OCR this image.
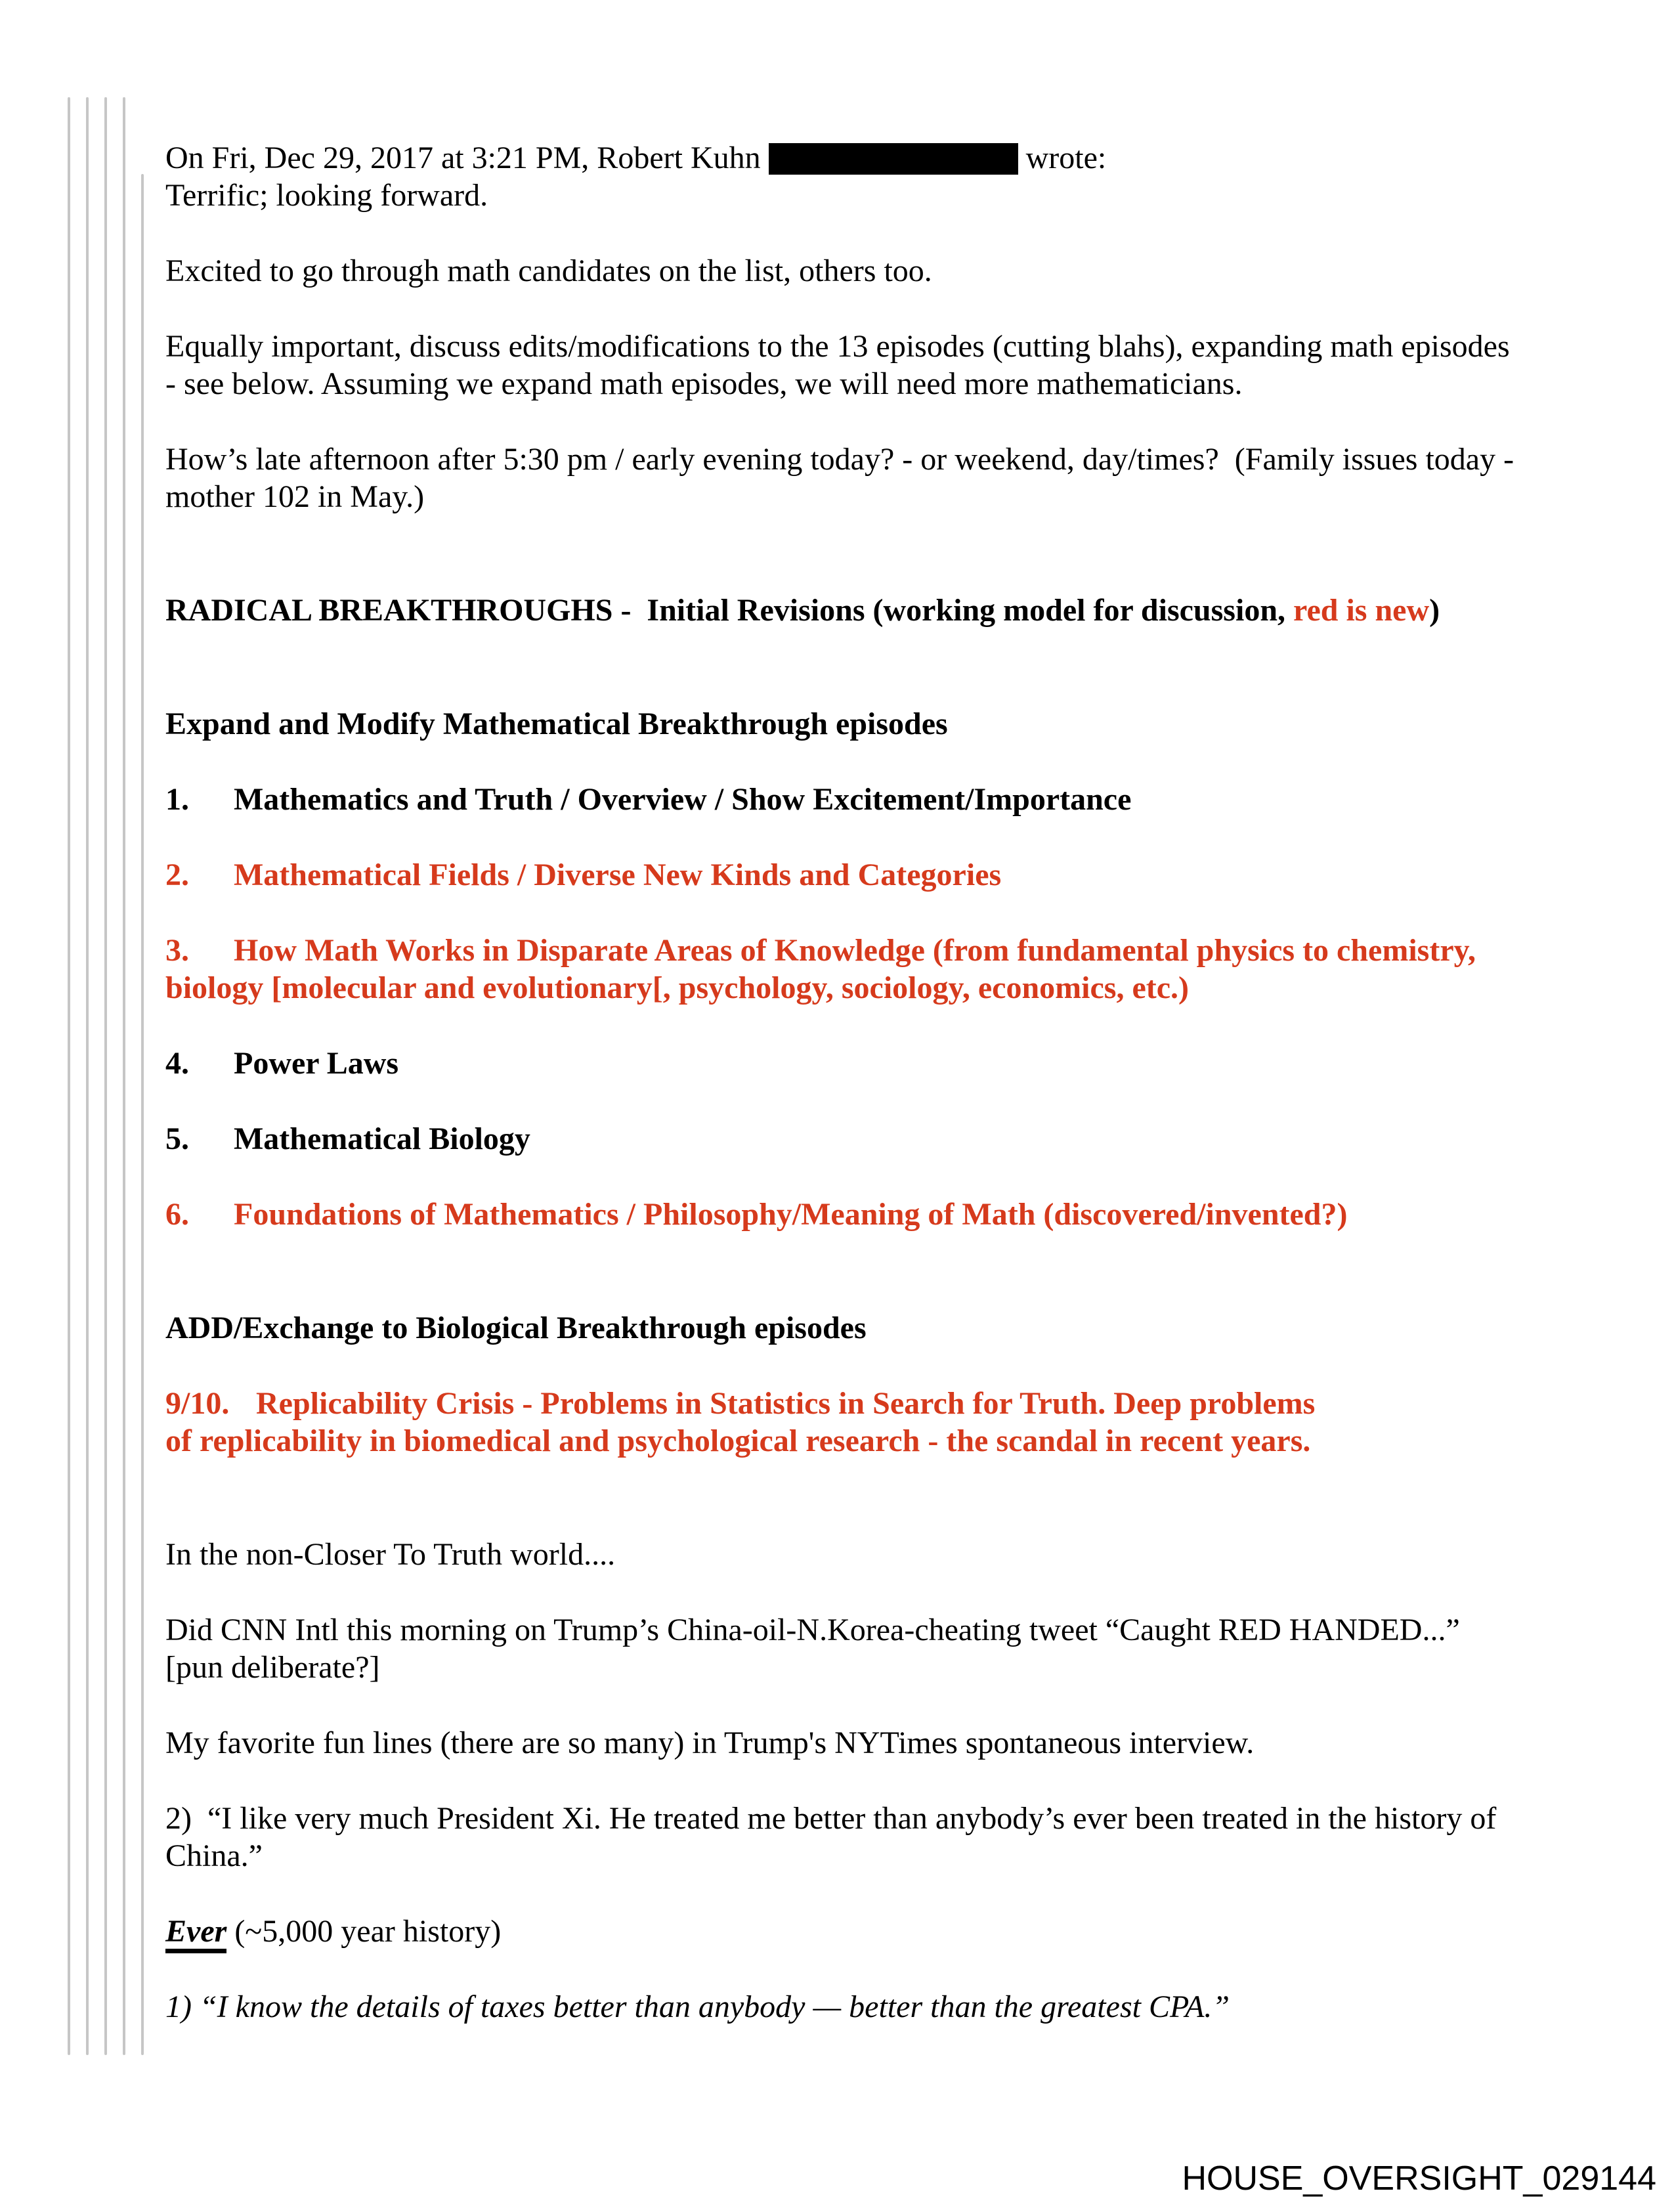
On Fri, Dec 29, 2017 at 3:21 PM, Robert Kuhn	wrote:

Terrific; looking forward.

Excited to go through math candidates on the list, others too.

Equally important, discuss edits/modifications to the 13 episodes (cutting blahs), expanding math episodes
- see below. Assuming we expand math episodes, we will need more mathematicians.

How’s late afternoon after 5:30 pm / early evening today? - or weekend, day/times?  (Family issues today -
mother 102 in May.)

RADICAL BREAKTHROUGHS -  Initial Revisions (working model for discussion, red is new)

Expand and Modify Mathematical Breakthrough episodes

1. Mathematics and Truth / Overview / Show Excitement/Importance

2. Mathematical Fields / Diverse New Kinds and Categories

3. How Math Works in Disparate Areas of Knowledge (from fundamental physics to chemistry,
biology [molecular and evolutionary[, psychology, sociology, economics, etc.)

4. Power Laws

5. Mathematical Biology

6. Foundations of Mathematics / Philosophy/Meaning of Math (discovered/invented?)

ADD/Exchange to Biological Breakthrough episodes

9/10. Replicability Crisis - Problems in Statistics in Search for Truth. Deep problems
of replicability in biomedical and psychological research - the scandal in recent years.

In the non-Closer To Truth world....

Did CNN Intl this morning on Trump’s China-oil-N.Korea-cheating tweet “Caught RED HANDED...”
[pun deliberate?]

My favorite fun lines (there are so many) in Trump's NYTimes spontaneous interview.

2)  “I like very much President Xi. He treated me better than anybody’s ever been treated in the history of
China.”

Ever (~5,000 year history)

1) “I know the details of taxes better than anybody — better than the greatest CPA.”

HOUSE_OVERSIGHT_029144
